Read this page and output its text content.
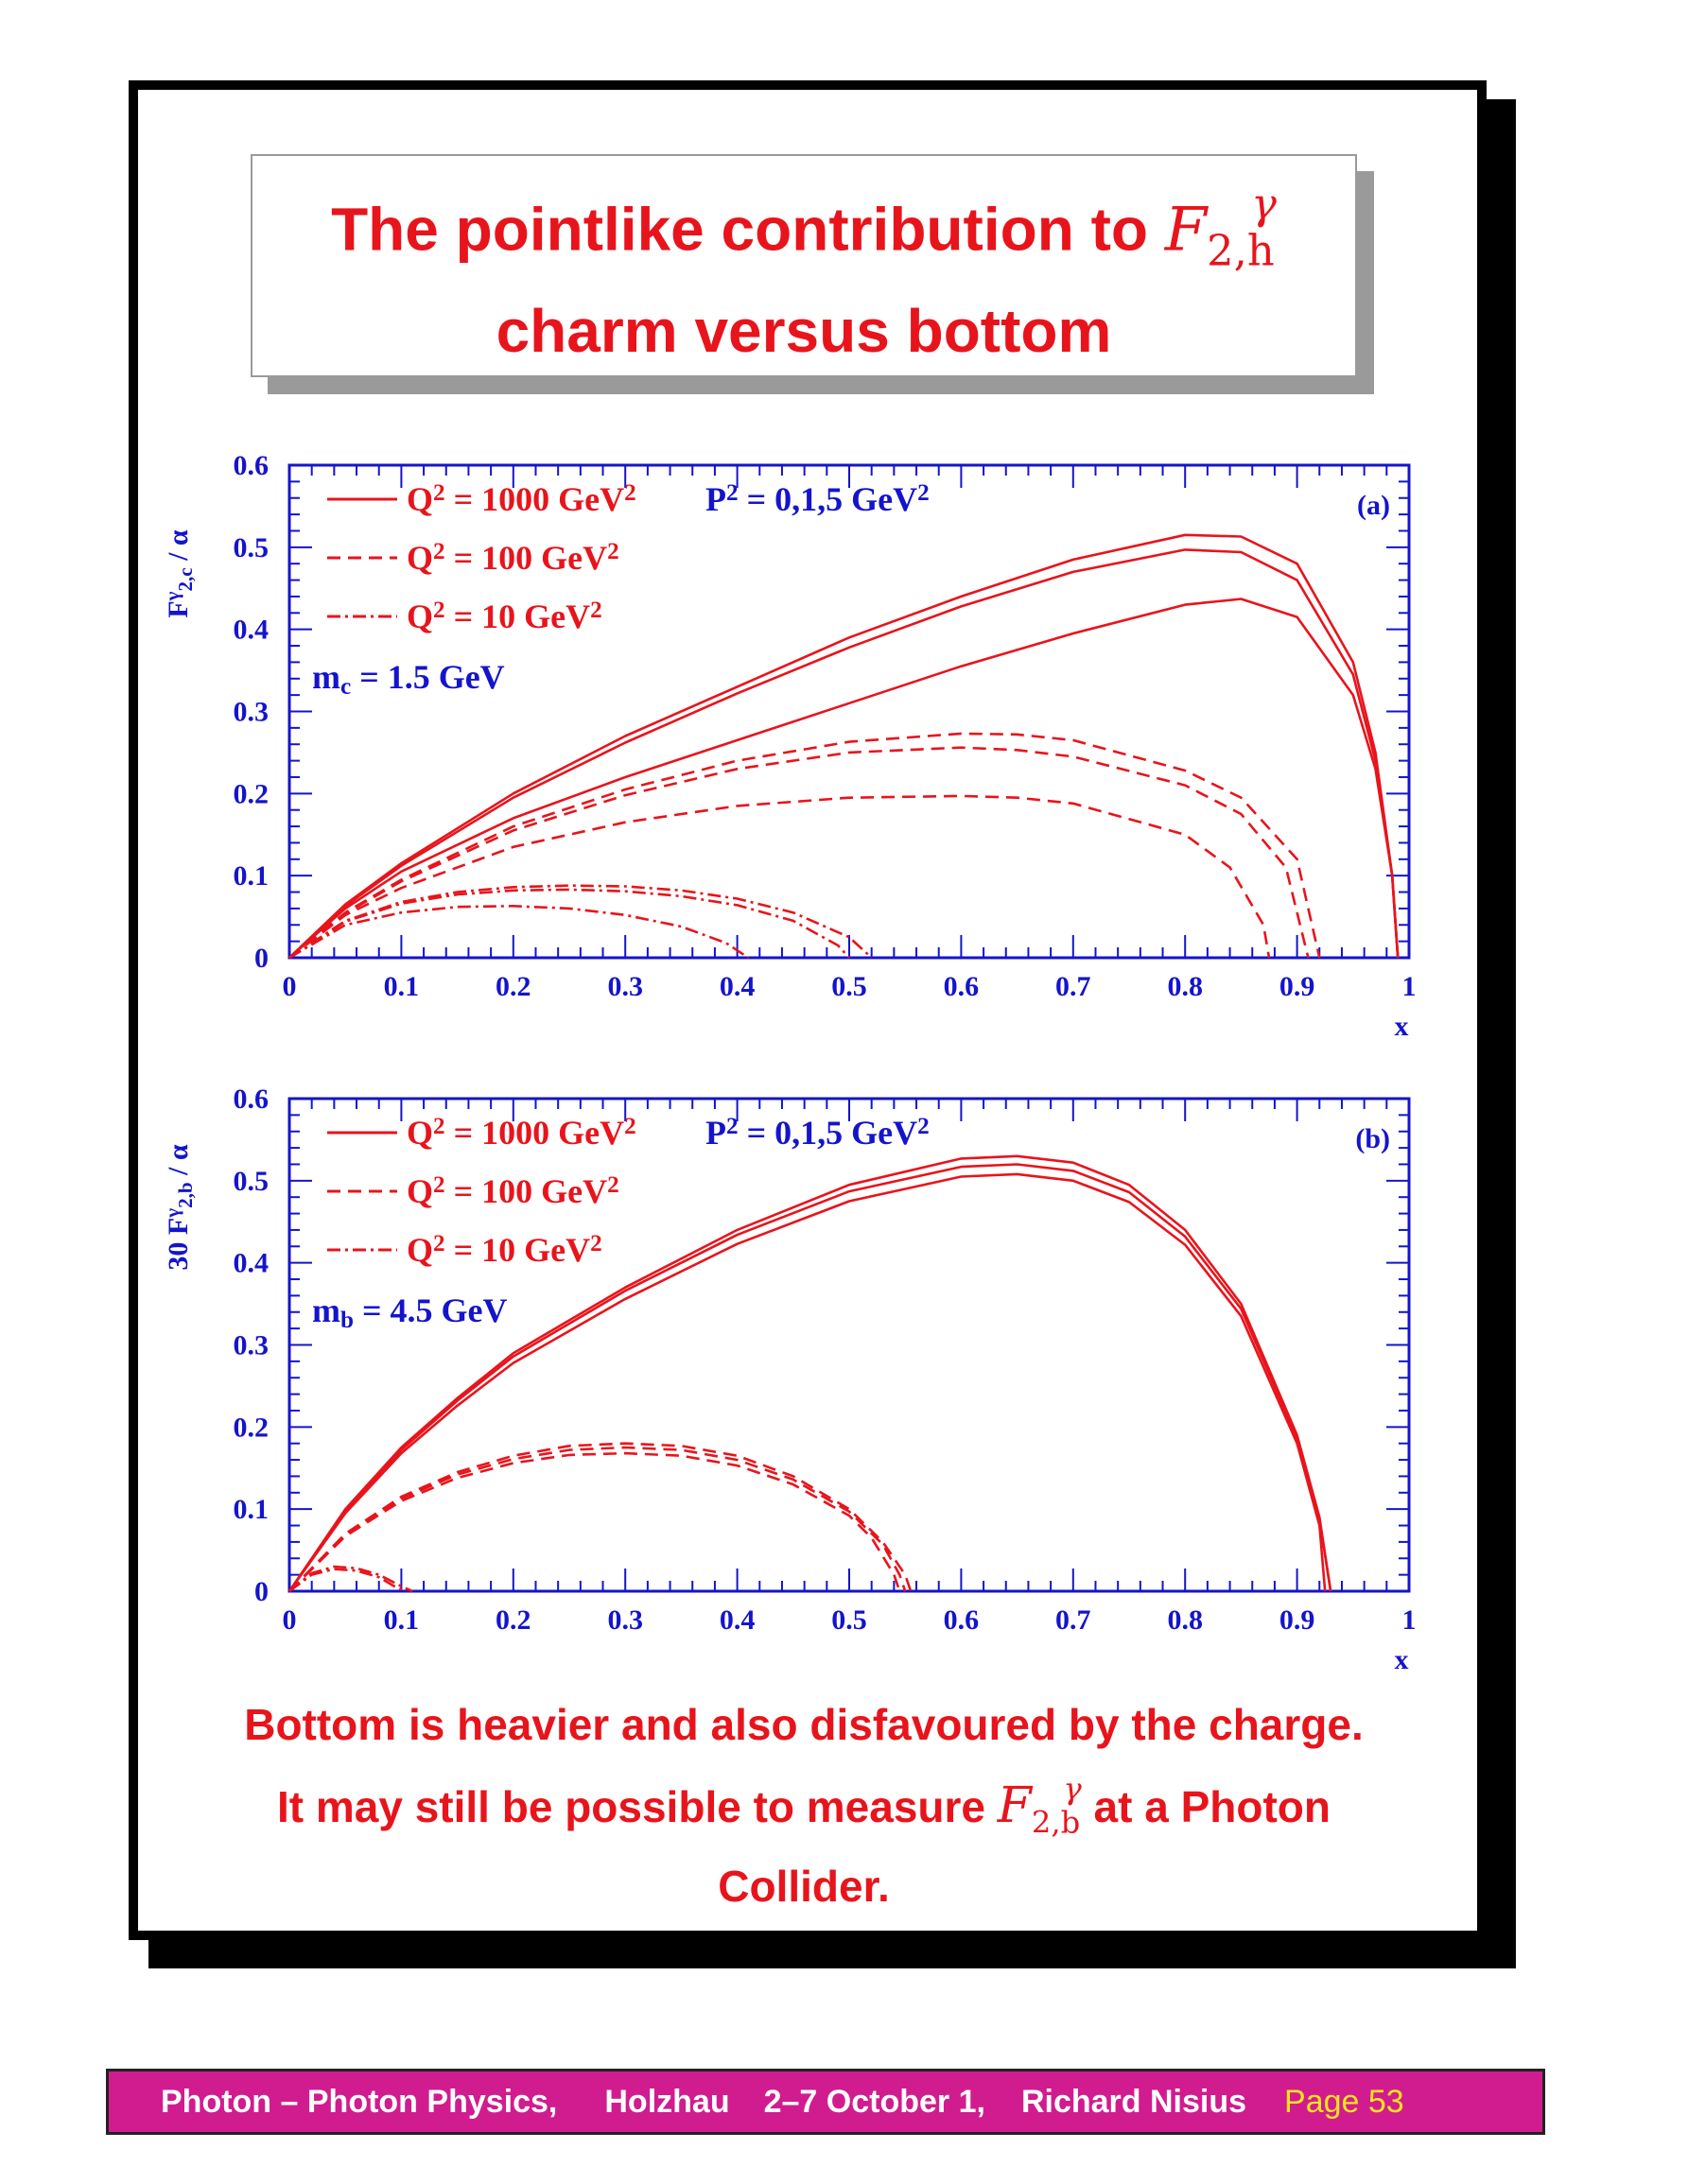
The pointlike contribution to $F_{2,h}^\gamma$
charm versus bottom
0	0.1	0.2	0.3	0.4	0.5	0.6	0.7	0.8	0.9	1
0
0.1
0.2
0.3
0.4
0.5
0.6
x
Fγ2,c / α
Q2 = 1000 GeV2
Q2 = 100 GeV2
Q2 = 10 GeV2
P2 = 0,1,5 GeV2
mc = 1.5 GeV
(a)
0	0.1	0.2	0.3	0.4	0.5	0.6	0.7	0.8	0.9	1
0
0.1
0.2
0.3
0.4
0.5
0.6
x
30 Fγ2,b / α
Q2 = 1000 GeV2
Q2 = 100 GeV2
Q2 = 10 GeV2
P2 = 0,1,5 GeV2
mb = 4.5 GeV
(b)
Bottom is heavier and also disfavoured by the charge.
It may still be possible to measure $F_{2,b}^\gamma$ at a Photon
Collider.
Photon – Photon Physics, Holzhau 2–7 October 1, Richard Nisius Page 53
